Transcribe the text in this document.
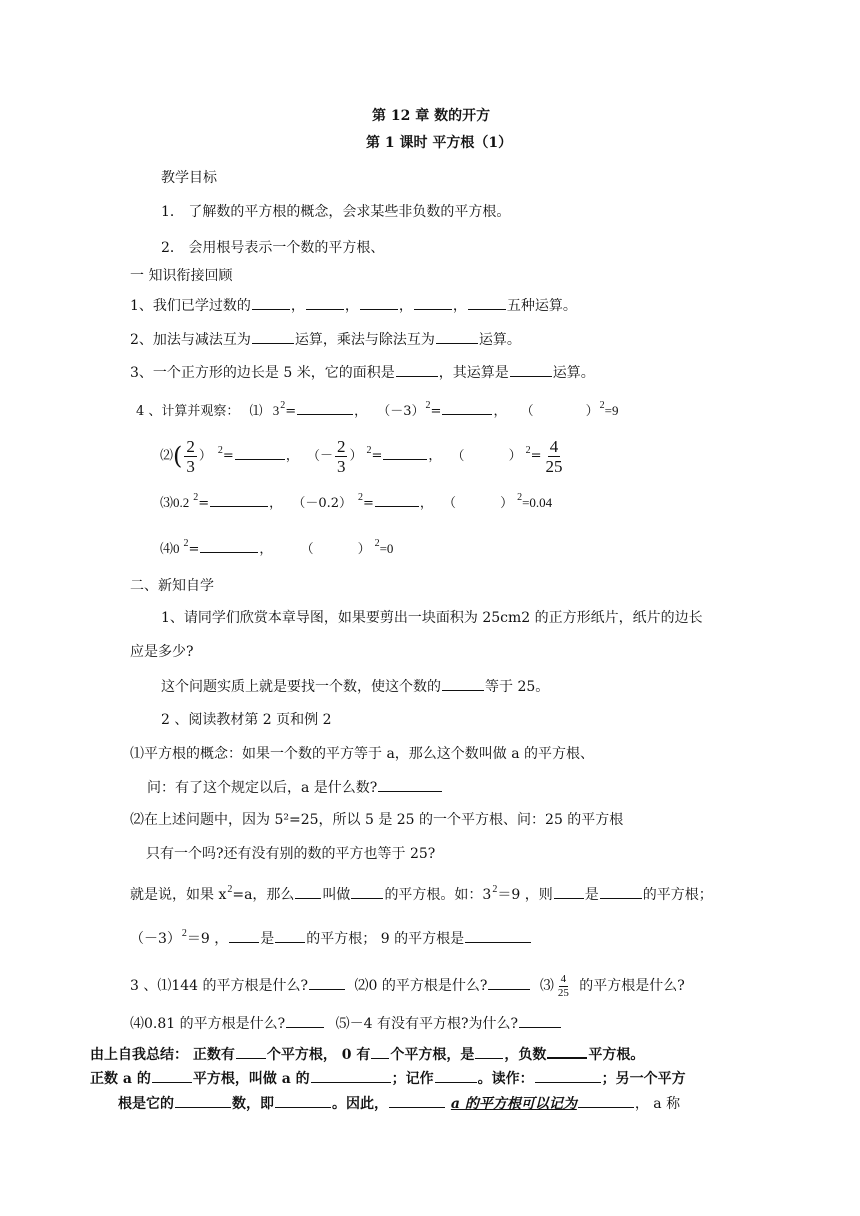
第 12 章 数的开方
第 1 课时 平方根（1）
教学目标
1． 了解数的平方根的概念，会求某些非负数的平方根。
2． 会用根号表示一个数的平方根、
一 知识衔接回顾
1、我们已学过数的	，	，	，	，	五种运算。
2、加法与减法互为	运算，乘法与除法互为	运算。
3、一个正方形的边长是 5 米，它的面积是	，其运算是	运算。
4 、计算并观察： ⑴ $3^2=$	， $(-3)^2=$	， （	）$^2$=9
⑵( $\frac{2}{3}$ ） $^2$=	， （－ $\frac{2}{3}$ ） $^2$=	， （	） $^2= \frac{4}{25}$
⑶0.2 $^2$=	， （－0.2） $^2$=	， （	） $^2$=0.04
⑷0 $^2$=	， （	） $^2$=0
二、新知自学
1、请同学们欣赏本章导图，如果要剪出一块面积为 25cm2 的正方形纸片，纸片的边长
应是多少?
这个问题实质上就是要找一个数，使这个数的	等于 25。
2 、阅读教材第 2 页和例 2
⑴平方根的概念：如果一个数的平方等于 a，那么这个数叫做 a 的平方根、
问：有了这个规定以后，a 是什么数?
⑵在上述问题中，因为 5²=25，所以 5 是 25 的一个平方根、问：25 的平方根
只有一个吗?还有没有别的数的平方也等于 25?
就是说，如果 $x^2=a$，那么 叫做 的平方根。如：$3^2=9$ ，则 是	的平方根；
$(-3)^2=9$ ， 是 的平方根； 9 的平方根是
3 、⑴144 的平方根是什么?	⑵0 的平方根是什么?	⑶ $\frac{4}{25}$ 的平方根是什么?
⑷0.81 的平方根是什么?	⑸－4 有没有平方根?为什么?
由上自我总结： 正数有 个平方根， 0 有 个平方根，是 ，负数	平方根。
正数 a 的	平方根，叫做 a 的	；记作	。读作：	；另一个平方
根是它的	数，即	。因此，	a 的平方根可以记为	， a 称
